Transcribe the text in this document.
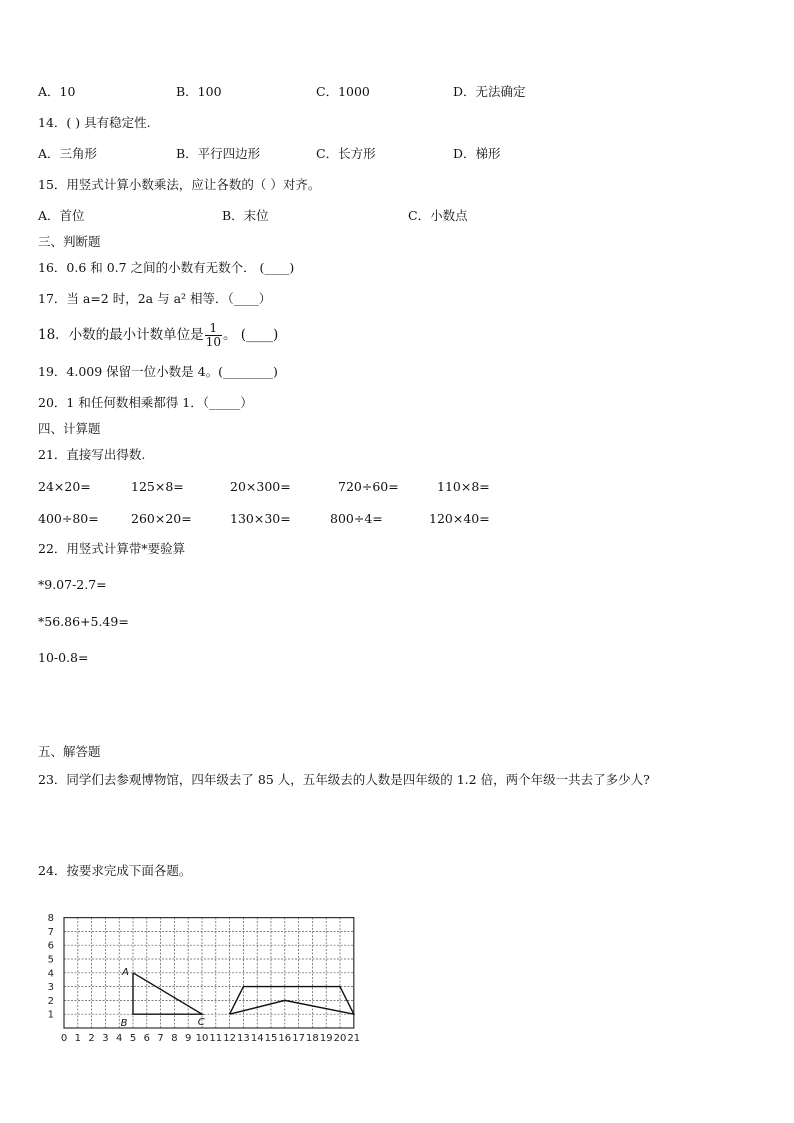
A．10	B．100	C．1000	D．无法确定
14．( ) 具有稳定性.
A．三角形	B．平行四边形	C．长方形	D．梯形
15．用竖式计算小数乘法，应让各数的（ ）对齐。
A．首位	B．末位	C．小数点
三、判断题
16．0.6 和 0.7 之间的小数有无数个． (____)
17．当 a=2 时，2a 与 a² 相等．（____）
18．小数的最小计数单位是 $\frac{1}{10}$ 。 (____)
19．4.009 保留一位小数是 4。(________)
20．1 和任何数相乘都得 1．（_____）
四、计算题
21．直接写出得数.
24×20=	125×8=	20×300=	720÷60=	110×8=
400÷80=	260×20=	130×30=	800÷4=	120×40=
22．用竖式计算带*要验算
*9.07-2.7=
*56.86+5.49=
10-0.8=
五、解答题
23．同学们去参观博物馆，四年级去了 85 人，五年级去的人数是四年级的 1.2 倍，两个年级一共去了多少人?
24．按要求完成下面各题。
0 1 2 3 4 5 6 7 8 9 10 11 12 13 14 15 16 17 18 19 20 21
1
2
3
4
5
6
7
8
A
B	C
